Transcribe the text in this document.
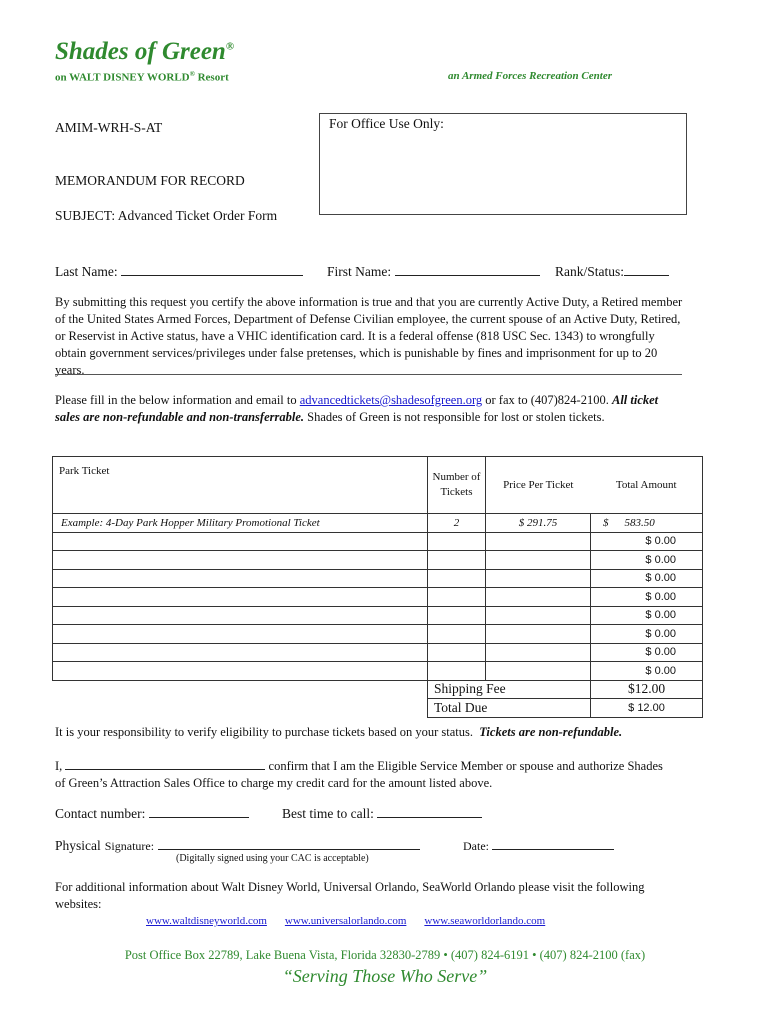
Shades of Green®
on WALT DISNEY WORLD® Resort	an Armed Forces Recreation Center
AMIM-WRH-S-AT	For Office Use Only:
MEMORANDUM FOR RECORD
SUBJECT: Advanced Ticket Order Form
Last Name:	First Name:	Rank/Status:
By submitting this request you certify the above information is true and that you are currently Active Duty, a Retired member of the United States Armed Forces, Department of Defense Civilian employee, the current spouse of an Active Duty, Retired, or Reservist in Active status, have a VHIC identification card. It is a federal offense (818 USC Sec. 1343) to wrongfully obtain government services/privileges under false pretenses, which is punishable by fines and imprisonment for up to 20 years.
Please fill in the below information and email to advancedtickets@shadesofgreen.org or fax to (407)824-2100. All ticket sales are non-refundable and non-transferrable. Shades of Green is not responsible for lost or stolen tickets.
Park Ticket	Number of Tickets	Price Per Ticket	Total Amount
Example: 4-Day Park Hopper Military Promotional Ticket	2	$ 291.75	$ 583.50
			$ 0.00
			$ 0.00
			$ 0.00
			$ 0.00
			$ 0.00
			$ 0.00
			$ 0.00
			$ 0.00
	Shipping Fee		$12.00
	Total Due		$ 12.00
It is your responsibility to verify eligibility to purchase tickets based on your status. Tickets are non-refundable.
I,	confirm that I am the Eligible Service Member or spouse and authorize Shades of Green’s Attraction Sales Office to charge my credit card for the amount listed above.
Contact number:	Best time to call:
Physical Signature:
(Digitally signed using your CAC is acceptable)
Date:
For additional information about Walt Disney World, Universal Orlando, SeaWorld Orlando please visit the following websites:
www.waltdisneyworld.com www.universalorlando.com www.seaworldorlando.com
Post Office Box 22789, Lake Buena Vista, Florida 32830-2789 • (407) 824-6191 • (407) 824-2100 (fax)
“Serving Those Who Serve”
